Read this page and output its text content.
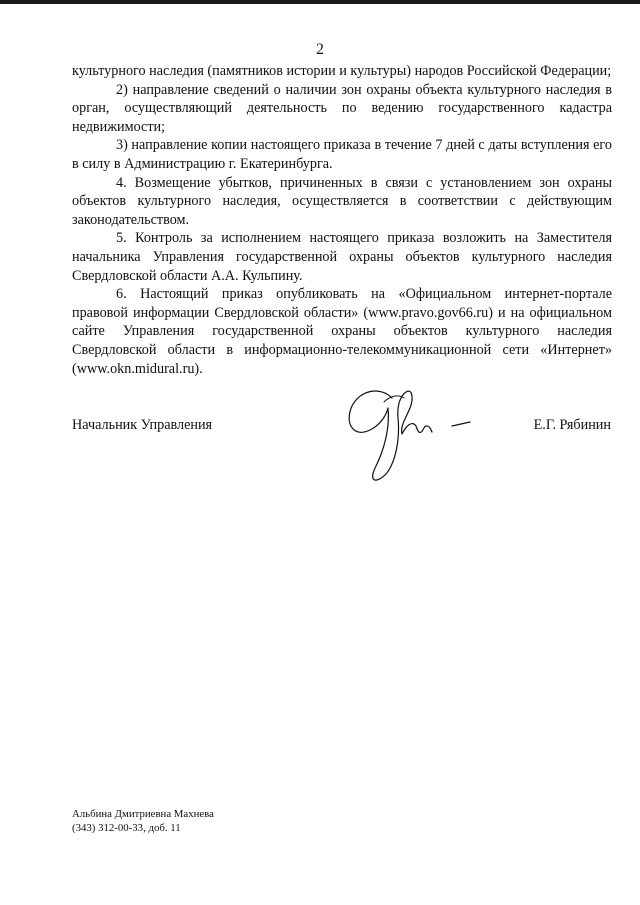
2

культурного наследия (памятников истории и культуры) народов Российской Федерации;

2) направление сведений о наличии зон охраны объекта культурного наследия в орган, осуществляющий деятельность по ведению государственного кадастра недвижимости;

3) направление копии настоящего приказа в течение 7 дней с даты вступления его в силу в Администрацию г. Екатеринбурга.

4. Возмещение убытков, причиненных в связи с установлением зон охраны объектов культурного наследия, осуществляется в соответствии с действующим законодательством.

5. Контроль за исполнением настоящего приказа возложить на Заместителя начальника Управления государственной охраны объектов культурного наследия Свердловской области А.А. Кульпину.

6. Настоящий приказ опубликовать на «Официальном интернет-портале правовой информации Свердловской области» (www.pravo.gov66.ru) и на официальном сайте Управления государственной охраны объектов культурного наследия Свердловской области в информационно-телекоммуникационной сети «Интернет» (www.okn.midural.ru).

Начальник Управления	Е.Г. Рябинин
Альбина Дмитриевна Махнева
(343) 312-00-33, доб. 11
